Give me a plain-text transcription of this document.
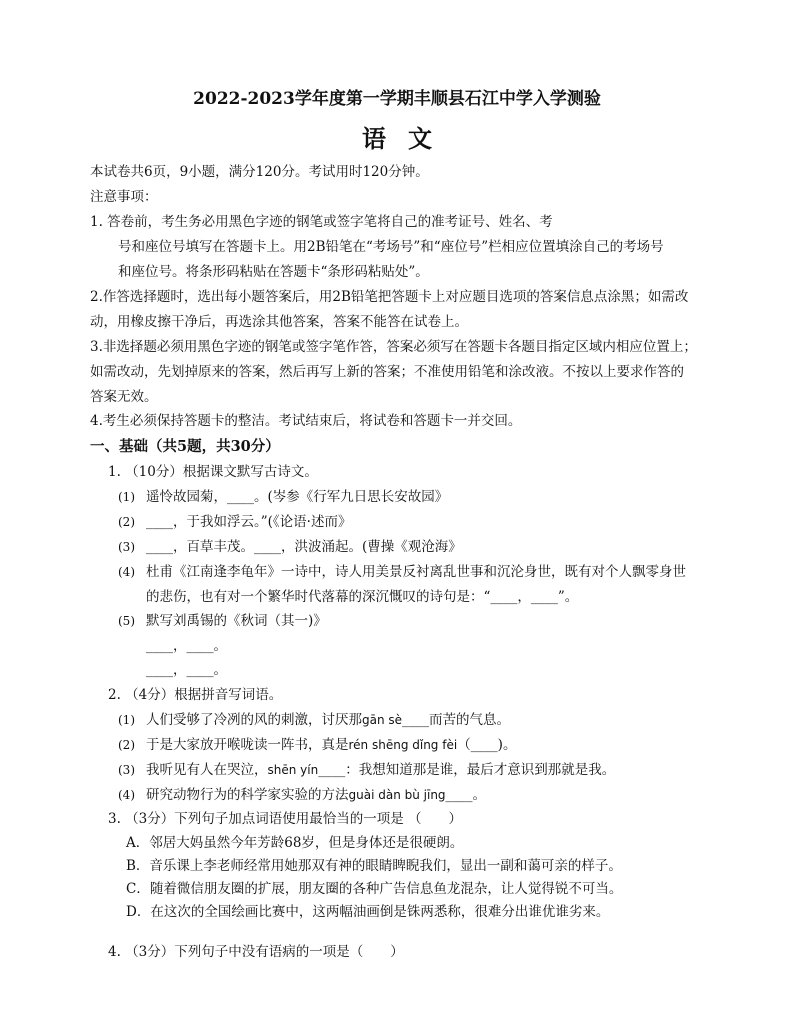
2022-2023学年度第一学期丰顺县石江中学入学测验
语文
本试卷共6页，9小题，满分120分。考试用时120分钟。
注意事项：
1. 答卷前，考生务必用黑色字迹的钢笔或签字笔将自己的准考证号、姓名、考
号和座位号填写在答题卡上。用2B铅笔在“考场号”和“座位号”栏相应位置填涂自己的考场号
和座位号。将条形码粘贴在答题卡“条形码粘贴处”。
2.作答选择题时，选出每小题答案后，用2B铅笔把答题卡上对应题目选项的答案信息点涂黑；如需改
动，用橡皮擦干净后，再选涂其他答案，答案不能答在试卷上。
3.非选择题必须用黑色字迹的钢笔或签字笔作答，答案必须写在答题卡各题目指定区域内相应位置上；
如需改动，先划掉原来的答案，然后再写上新的答案；不准使用铅笔和涂改液。不按以上要求作答的
答案无效。
4.考生必须保持答题卡的整洁。考试结束后，将试卷和答题卡一并交回。
一、基础（共5题，共30分）
1. （10分）根据课文默写古诗文。
(1) 遥怜故园菊，____。(岑参《行军九日思长安故园》
(2) ____，于我如浮云。”(《论语·述而》
(3) ____，百草丰茂。____，洪波涌起。(曹操《观沧海》
(4) 杜甫《江南逢李龟年》一诗中，诗人用美景反衬离乱世事和沉沦身世，既有对个人飘零身世
的悲伤，也有对一个繁华时代落幕的深沉慨叹的诗句是：“____，____”。
(5) 默写刘禹锡的《秋词（其一)》
____，____。
____，____。
2. （4分）根据拼音写词语。
(1) 人们受够了冷冽的风的刺激，讨厌那gān sè____而苦的气息。
(2) 于是大家放开喉咙读一阵书，真是rén shēng dǐng fèi（____)。
(3) 我听见有人在哭泣，shēn yín____：我想知道那是谁，最后才意识到那就是我。
(4) 研究动物行为的科学家实验的方法guài dàn bù jīng____。
3. （3分）下列句子加点词语使用最恰当的一项是 （　　）
A．邻居大妈虽然今年芳龄68岁，但是身体还是很硬朗。
B．音乐课上李老师经常用她那双有神的眼睛睥睨我们，显出一副和蔼可亲的样子。
C．随着微信朋友圈的扩展，朋友圈的各种广告信息鱼龙混杂，让人觉得锐不可当。
D．在这次的全国绘画比赛中，这两幅油画倒是铢两悉称，很难分出谁优谁劣来。
4. （3分）下列句子中没有语病的一项是（　　）
